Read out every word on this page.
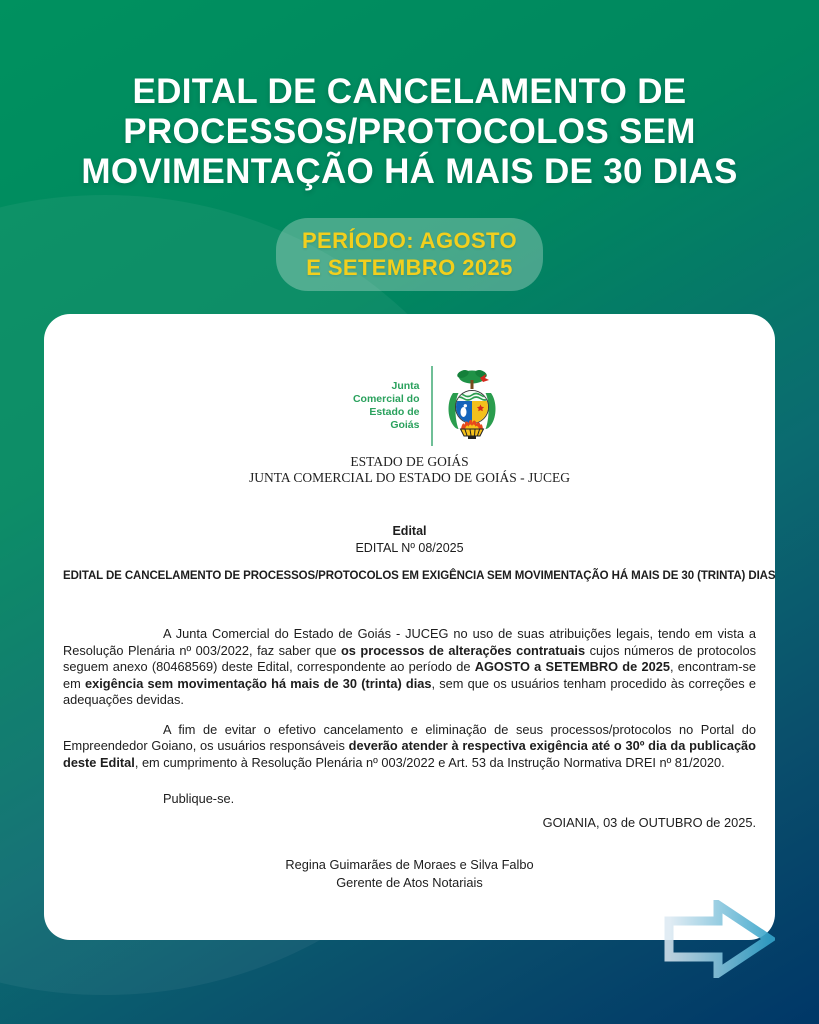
EDITAL DE CANCELAMENTO DE
PROCESSOS/PROTOCOLOS SEM
MOVIMENTAÇÃO HÁ MAIS DE 30 DIAS
PERÍODO: AGOSTO
E SETEMBRO 2025
Junta
Comercial do
Estado de
Goiás
ESTADO DE GOIÁS
JUNTA COMERCIAL DO ESTADO DE GOIÁS - JUCEG
Edital
EDITAL Nº 08/2025
EDITAL DE CANCELAMENTO DE PROCESSOS/PROTOCOLOS EM EXIGÊNCIA SEM MOVIMENTAÇÃO HÁ MAIS DE 30 (TRINTA) DIAS

A Junta Comercial do Estado de Goiás - JUCEG no uso de suas atribuições legais, tendo em vista a Resolução Plenária nº 003/2022, faz saber que os processos de alterações contratuais cujos números de protocolos seguem anexo (80468569) deste Edital, correspondente ao período de AGOSTO a SETEMBRO de 2025, encontram-se em exigência sem movimentação há mais de 30 (trinta) dias, sem que os usuários tenham procedido às correções e adequações devidas.

A fim de evitar o efetivo cancelamento e eliminação de seus processos/protocolos no Portal do Empreendedor Goiano, os usuários responsáveis deverão atender à respectiva exigência até o 30º dia da publicação deste Edital, em cumprimento à Resolução Plenária nº 003/2022 e Art. 53 da Instrução Normativa DREI nº 81/2020.

Publique-se.
GOIANIA, 03 de OUTUBRO de 2025.
Regina Guimarães de Moraes e Silva Falbo
Gerente de Atos Notariais
